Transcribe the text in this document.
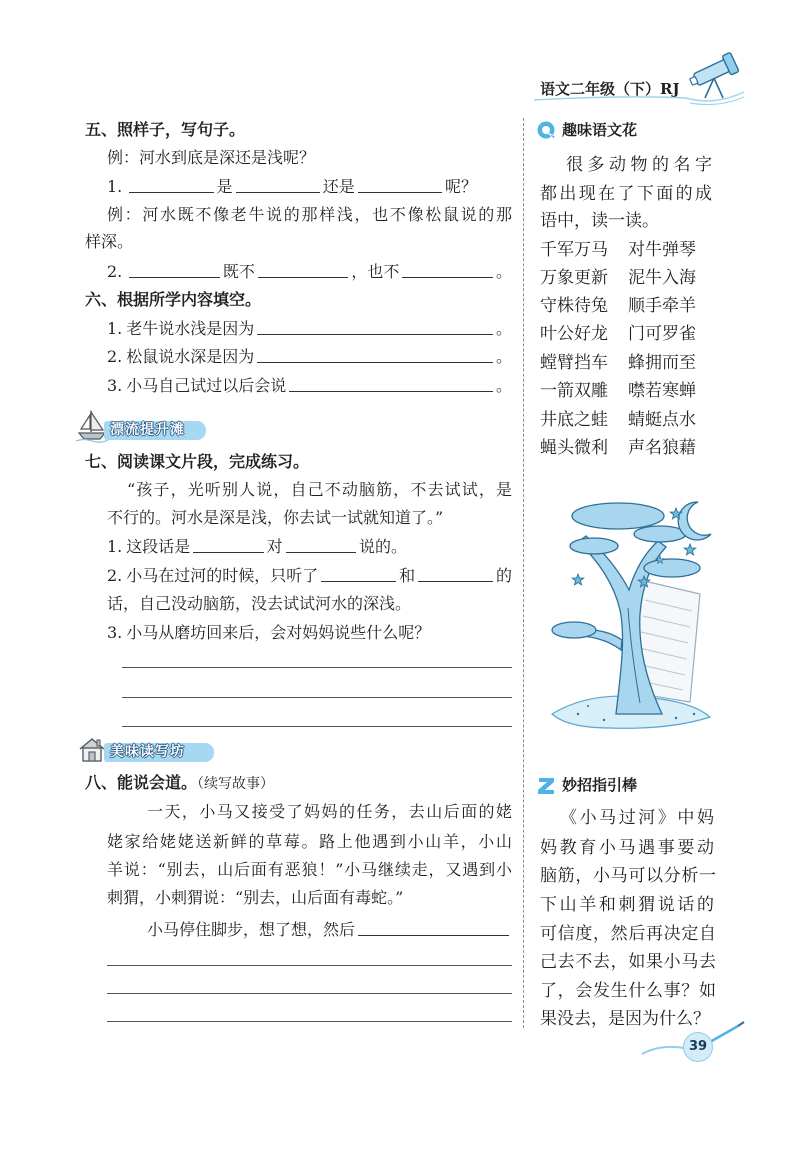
语文二年级（下）RJ
五、照样子，写句子。
例：河水到底是深还是浅呢？
1.	是	还是	呢？
例：河水既不像老牛说的那样浅，也不像松鼠说的那
样深。
2.	既不	，也不	。
六、根据所学内容填空。
1. 老牛说水浅是因为	。
2. 松鼠说水深是因为	。
3. 小马自己试过以后会说	。
漂流提升滩
七、阅读课文片段，完成练习。
“孩子，光听别人说，自己不动脑筋，不去试试，是
不行的。河水是深是浅，你去试一试就知道了。”
1. 这段话是	对	说的。
2. 小马在过河的时候，只听了	和	的
话，自己没动脑筋，没去试试河水的深浅。
3. 小马从磨坊回来后，会对妈妈说些什么呢？
美味读写坊
八、能说会道。（续写故事）
一天，小马又接受了妈妈的任务，去山后面的姥
姥家给姥姥送新鲜的草莓。路上他遇到小山羊，小山
羊说：“别去，山后面有恶狼！”小马继续走，又遇到小
刺猬，小刺猬说：“别去，山后面有毒蛇。”
小马停住脚步，想了想，然后
趣味语文花
很多动物的名字
都出现在了下面的成
语中，读一读。
千军万马 对牛弹琴
万象更新 泥牛入海
守株待兔 顺手牵羊
叶公好龙 门可罗雀
螳臂挡车 蜂拥而至
一箭双雕 噤若寒蝉
井底之蛙 蜻蜓点水
蝇头微利 声名狼藉
妙招指引棒
《小马过河》中妈
妈教育小马遇事要动
脑筋，小马可以分析一
下山羊和刺猬说话的
可信度，然后再决定自
己去不去，如果小马去
了，会发生什么事？如
果没去，是因为什么？
39
